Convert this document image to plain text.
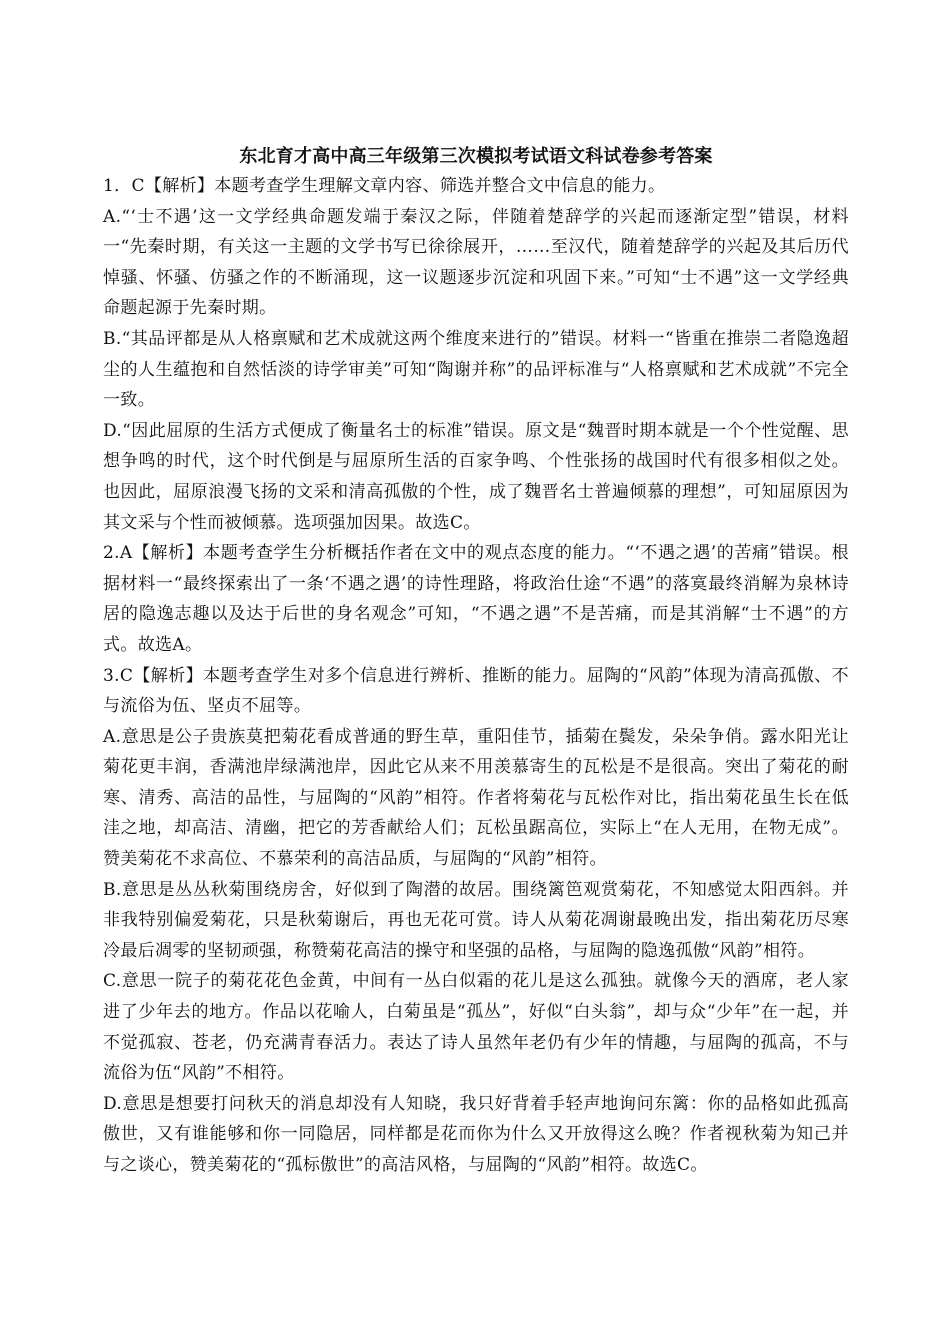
东北育才高中高三年级第三次模拟考试语文科试卷参考答案

1．C【解析】本题考查学生理解文章内容、筛选并整合文中信息的能力。

A.“‘士不遇’这一文学经典命题发端于秦汉之际，伴随着楚辞学的兴起而逐渐定型”错误，材料一“先秦时期，有关这一主题的文学书写已徐徐展开，……至汉代，随着楚辞学的兴起及其后历代悼骚、怀骚、仿骚之作的不断涌现，这一议题逐步沉淀和巩固下来。”可知“士不遇”这一文学经典命题起源于先秦时期。

B.“其品评都是从人格禀赋和艺术成就这两个维度来进行的”错误。材料一“皆重在推崇二者隐逸超尘的人生蕴抱和自然恬淡的诗学审美”可知“陶谢并称”的品评标准与“人格禀赋和艺术成就”不完全一致。

D.“因此屈原的生活方式便成了衡量名士的标准”错误。原文是“魏晋时期本就是一个个性觉醒、思想争鸣的时代，这个时代倒是与屈原所生活的百家争鸣、个性张扬的战国时代有很多相似之处。也因此，屈原浪漫飞扬的文采和清高孤傲的个性，成了魏晋名士普遍倾慕的理想”，可知屈原因为其文采与个性而被倾慕。选项强加因果。故选C。

2.A【解析】本题考查学生分析概括作者在文中的观点态度的能力。“‘不遇之遇’的苦痛”错误。根据材料一“最终探索出了一条‘不遇之遇’的诗性理路，将政治仕途“不遇”的落寞最终消解为泉林诗居的隐逸志趣以及达于后世的身名观念”可知，“不遇之遇”不是苦痛，而是其消解“士不遇”的方式。故选A。

3.C【解析】本题考查学生对多个信息进行辨析、推断的能力。屈陶的“风韵”体现为清高孤傲、不与流俗为伍、坚贞不屈等。

A.意思是公子贵族莫把菊花看成普通的野生草，重阳佳节，插菊在鬓发，朵朵争俏。露水阳光让菊花更丰润，香满池岸绿满池岸，因此它从来不用羡慕寄生的瓦松是不是很高。突出了菊花的耐寒、清秀、高洁的品性，与屈陶的“风韵”相符。作者将菊花与瓦松作对比，指出菊花虽生长在低洼之地，却高洁、清幽，把它的芳香献给人们；瓦松虽踞高位，实际上“在人无用，在物无成”。赞美菊花不求高位、不慕荣利的高洁品质，与屈陶的“风韵”相符。

B.意思是丛丛秋菊围绕房舍，好似到了陶潜的故居。围绕篱笆观赏菊花，不知感觉太阳西斜。并非我特别偏爱菊花，只是秋菊谢后，再也无花可赏。诗人从菊花凋谢最晚出发，指出菊花历尽寒冷最后凋零的坚韧顽强，称赞菊花高洁的操守和坚强的品格，与屈陶的隐逸孤傲“风韵”相符。

C.意思一院子的菊花花色金黄，中间有一丛白似霜的花儿是这么孤独。就像今天的酒席，老人家进了少年去的地方。作品以花喻人，白菊虽是“孤丛”，好似“白头翁”，却与众“少年”在一起，并不觉孤寂、苍老，仍充满青春活力。表达了诗人虽然年老仍有少年的情趣，与屈陶的孤高，不与流俗为伍“风韵”不相符。

D.意思是想要打问秋天的消息却没有人知晓，我只好背着手轻声地询问东篱：你的品格如此孤高傲世，又有谁能够和你一同隐居，同样都是花而你为什么又开放得这么晚？作者视秋菊为知己并与之谈心，赞美菊花的“孤标傲世”的高洁风格，与屈陶的“风韵”相符。故选C。
